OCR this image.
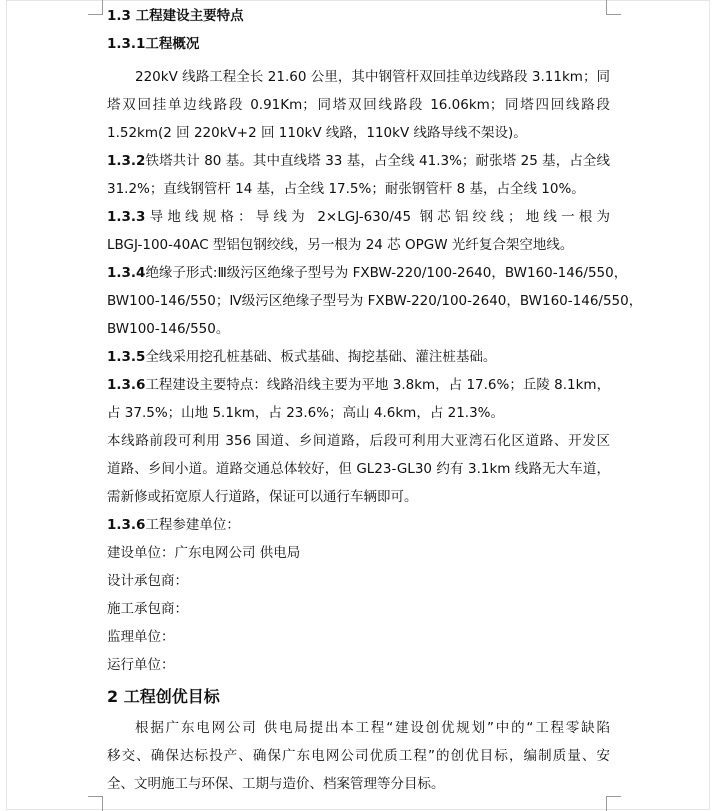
1.3 工程建设主要特点
1.3.1工程概况
220kV 线路工程全长 21.60 公里，其中钢管杆双回挂单边线路段 3.11km；同
塔双回挂单边线路段 0.91Km；同塔双回线路段 16.06km；同塔四回线路段
1.52km(2 回 220kV+2 回 110kV 线路，110kV 线路导线不架设)。
1.3.2铁塔共计 80 基。其中直线塔 33 基，占全线 41.3%；耐张塔 25 基，占全线
31.2%；直线钢管杆 14 基，占全线 17.5%；耐张钢管杆 8 基，占全线 10%。
1.3.3导地线规格：导线为 2×LGJ-630/45 钢芯铝绞线；地线一根为
LBGJ-100-40AC 型铝包钢绞线，另一根为 24 芯 OPGW 光纤复合架空地线。
1.3.4绝缘子形式:Ⅲ级污区绝缘子型号为 FXBW-220/100-2640，BW160-146/550，
BW100-146/550；Ⅳ级污区绝缘子型号为 FXBW-220/100-2640，BW160-146/550，
BW100-146/550。
1.3.5全线采用挖孔桩基础、板式基础、掏挖基础、灌注桩基础。
1.3.6工程建设主要特点：线路沿线主要为平地 3.8km，占 17.6%；丘陵 8.1km，
占 37.5%；山地 5.1km，占 23.6%；高山 4.6km，占 21.3%。
本线路前段可利用 356 国道、乡间道路，后段可利用大亚湾石化区道路、开发区
道路、乡间小道。道路交通总体较好，但 GL23-GL30 约有 3.1km 线路无大车道，
需新修或拓宽原人行道路，保证可以通行车辆即可。
1.3.6工程参建单位：
建设单位：广东电网公司 供电局
设计承包商：
施工承包商：
监理单位：
运行单位：
2 工程创优目标
根据广东电网公司 供电局提出本工程“建设创优规划”中的“工程零缺陷
移交、确保达标投产、确保广东电网公司优质工程”的创优目标，编制质量、安
全、文明施工与环保、工期与造价、档案管理等分目标。
